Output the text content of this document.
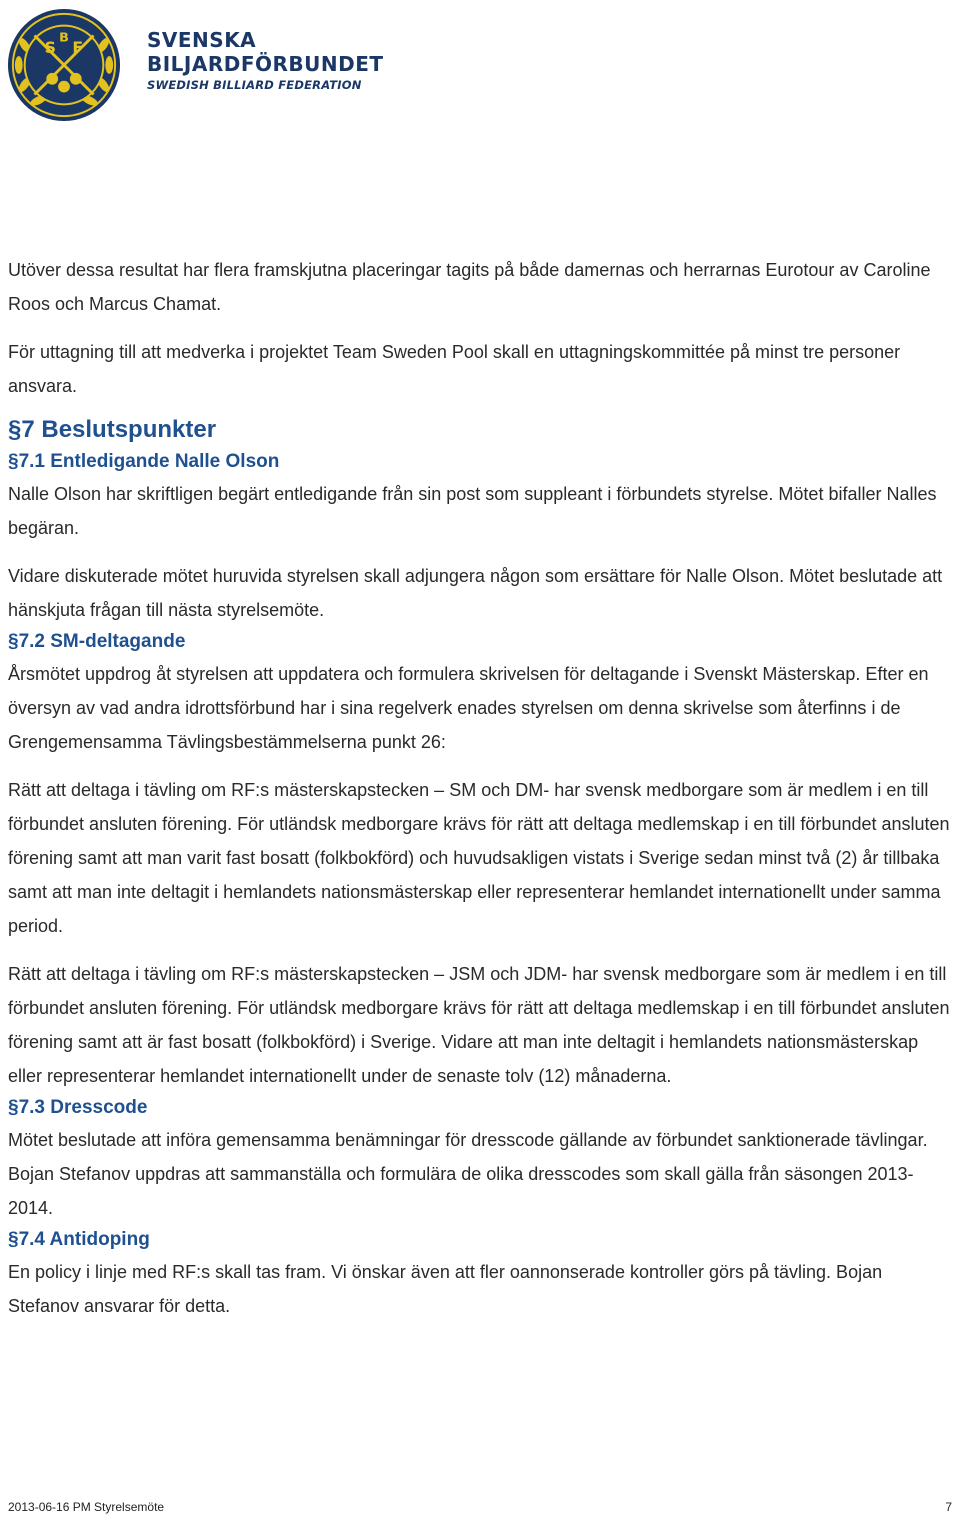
S F
B	SVENSKA
BILJARDFÖRBUNDET
SWEDISH BILLIARD FEDERATION

Utöver dessa resultat har flera framskjutna placeringar tagits på både damernas och herrarnas Eurotour av Caroline Roos och Marcus Chamat.

För uttagning till att medverka i projektet Team Sweden Pool skall en uttagningskommittée på minst tre personer ansvara.

§7 Beslutspunkter
§7.1 Entledigande Nalle Olson

Nalle Olson har skriftligen begärt entledigande från sin post som suppleant i förbundets styrelse. Mötet bifaller Nalles begäran.

Vidare diskuterade mötet huruvida styrelsen skall adjungera någon som ersättare för Nalle Olson. Mötet beslutade att hänskjuta frågan till nästa styrelsemöte.

§7.2 SM-deltagande

Årsmötet uppdrog åt styrelsen att uppdatera och formulera skrivelsen för deltagande i Svenskt Mästerskap. Efter en översyn av vad andra idrottsförbund har i sina regelverk enades styrelsen om denna skrivelse som återfinns i de Grengemensamma Tävlingsbestämmelserna punkt 26:

Rätt att deltaga i tävling om RF:s mästerskapstecken – SM och DM- har svensk medborgare som är medlem i en till förbundet ansluten förening. För utländsk medborgare krävs för rätt att deltaga medlemskap i en till förbundet ansluten förening samt att man varit fast bosatt (folkbokförd) och huvudsakligen vistats i Sverige sedan minst två (2) år tillbaka samt att man inte deltagit i hemlandets nationsmästerskap eller representerar hemlandet internationellt under samma period.

Rätt att deltaga i tävling om RF:s mästerskapstecken – JSM och JDM- har svensk medborgare som är medlem i en till förbundet ansluten förening. För utländsk medborgare krävs för rätt att deltaga medlemskap i en till förbundet ansluten förening samt att är fast bosatt (folkbokförd) i Sverige. Vidare att man inte deltagit i hemlandets nationsmästerskap eller representerar hemlandet internationellt under de senaste tolv (12) månaderna.

§7.3 Dresscode

Mötet beslutade att införa gemensamma benämningar för dresscode gällande av förbundet sanktionerade tävlingar. Bojan Stefanov uppdras att sammanställa och formulära de olika dresscodes som skall gälla från säsongen 2013-2014.

§7.4 Antidoping

En policy i linje med RF:s skall tas fram. Vi önskar även att fler oannonserade kontroller görs på tävling. Bojan Stefanov ansvarar för detta.

2013-06-16 PM Styrelsemöte	7
